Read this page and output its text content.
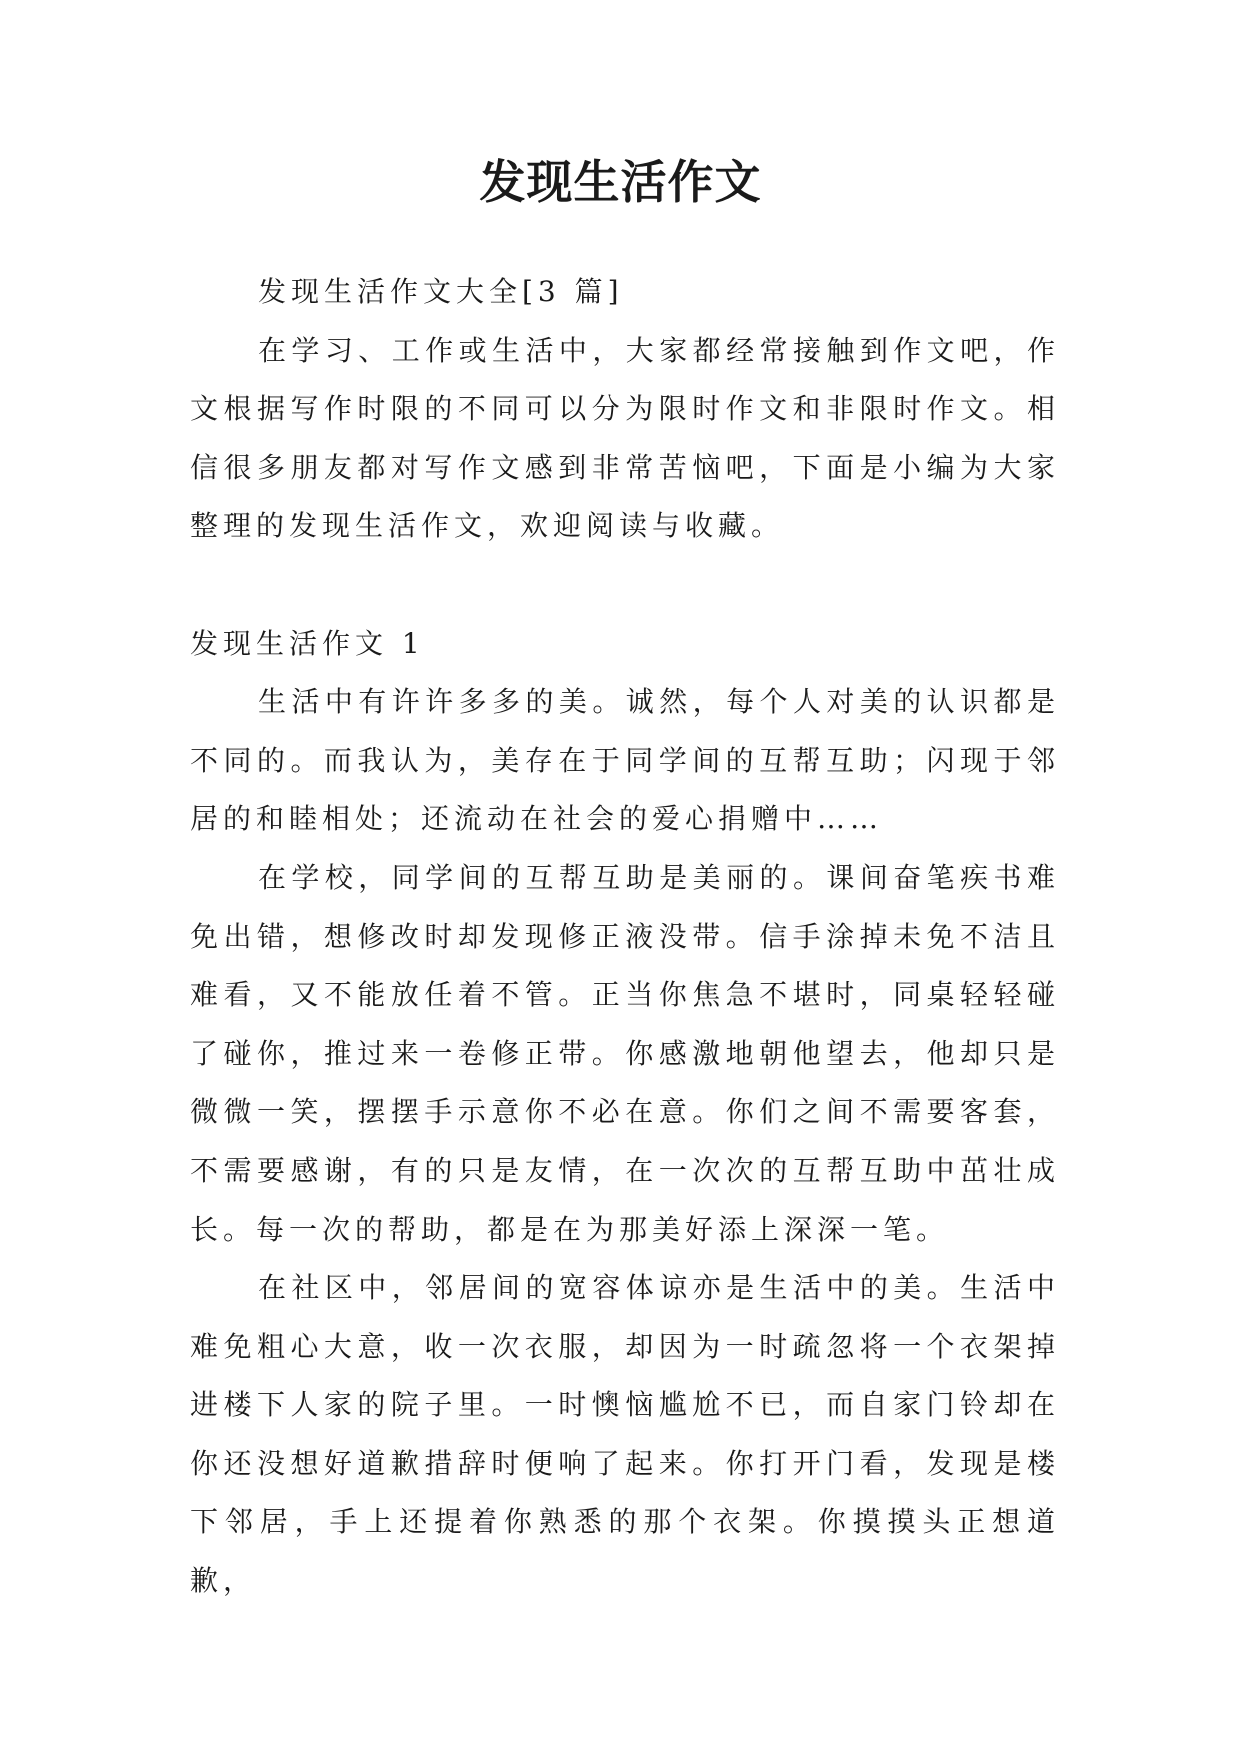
发现生活作文

发现生活作文大全[3 篇]

在学习、工作或生活中，大家都经常接触到作文吧，作文根据写作时限的不同可以分为限时作文和非限时作文。相信很多朋友都对写作文感到非常苦恼吧，下面是小编为大家整理的发现生活作文，欢迎阅读与收藏。

发现生活作文 1

生活中有许许多多的美。诚然，每个人对美的认识都是不同的。而我认为，美存在于同学间的互帮互助；闪现于邻居的和睦相处；还流动在社会的爱心捐赠中……

在学校，同学间的互帮互助是美丽的。课间奋笔疾书难免出错，想修改时却发现修正液没带。信手涂掉未免不洁且难看，又不能放任着不管。正当你焦急不堪时，同桌轻轻碰了碰你，推过来一卷修正带。你感激地朝他望去，他却只是微微一笑，摆摆手示意你不必在意。你们之间不需要客套，不需要感谢，有的只是友情，在一次次的互帮互助中茁壮成长。每一次的帮助，都是在为那美好添上深深一笔。

在社区中，邻居间的宽容体谅亦是生活中的美。生活中难免粗心大意，收一次衣服，却因为一时疏忽将一个衣架掉进楼下人家的院子里。一时懊恼尴尬不已，而自家门铃却在你还没想好道歉措辞时便响了起来。你打开门看，发现是楼下邻居，手上还提着你熟悉的那个衣架。你摸摸头正想道歉，
